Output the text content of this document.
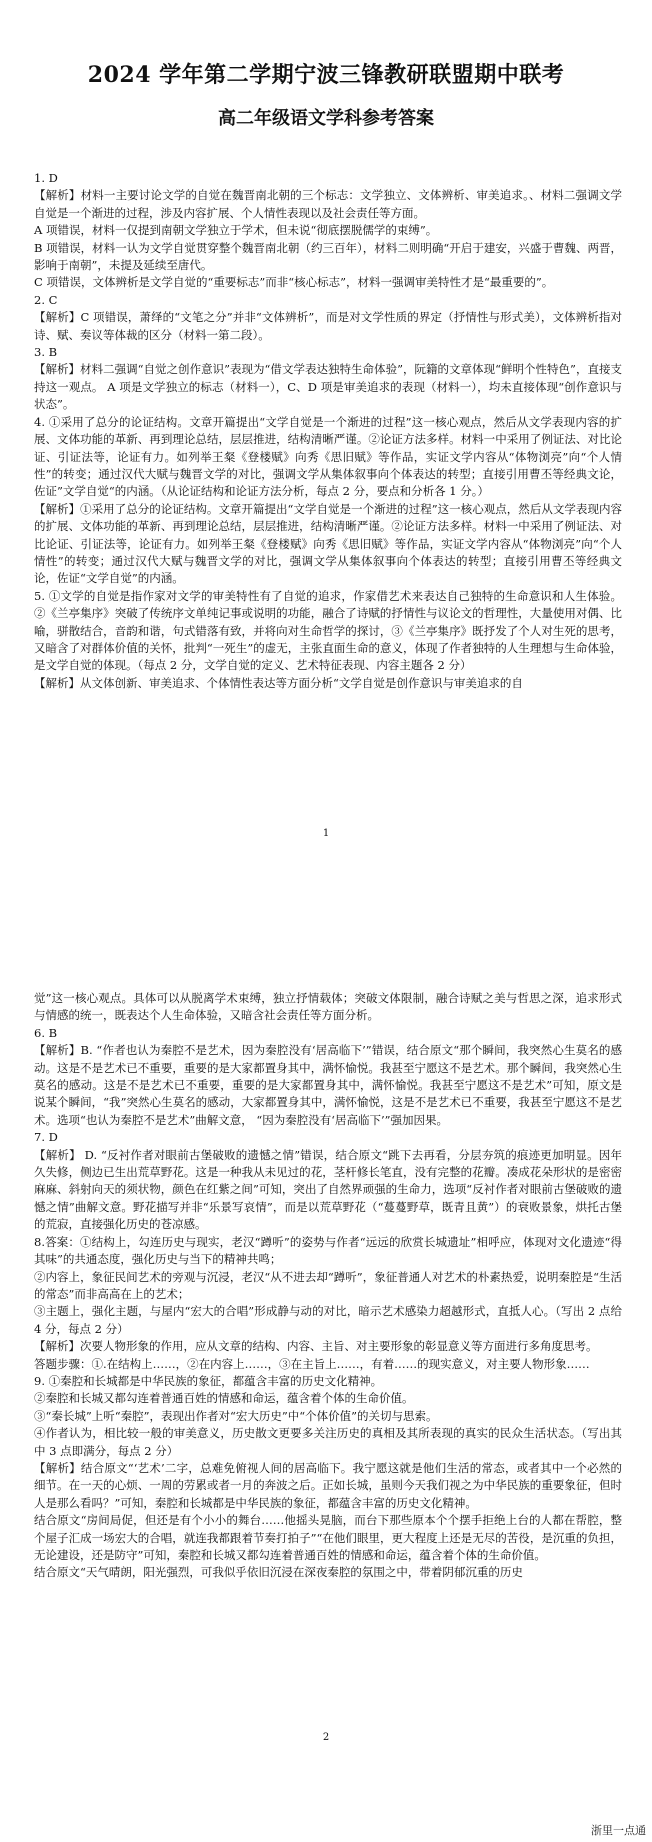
2024 学年第二学期宁波三锋教研联盟期中联考
高二年级语文学科参考答案

1. D

【解析】材料一主要讨论文学的自觉在魏晋南北朝的三个标志：文学独立、文体辨析、审美追求。、材料二强调文学自觉是一个渐进的过程，涉及内容扩展、个人情性表现以及社会责任等方面。

A 项错误，材料一仅提到南朝文学独立于学术，但未说“彻底摆脱儒学的束缚”。

B 项错误，材料一认为文学自觉贯穿整个魏晋南北朝（约三百年），材料二则明确“开启于建安，兴盛于曹魏、两晋，影响于南朝”，未提及延续至唐代。

C 项错误，文体辨析是文学自觉的“重要标志”而非“核心标志”，材料一强调审美特性才是“最重要的”。

2. C

【解析】C 项错误，萧绎的“文笔之分”并非“文体辨析”，而是对文学性质的界定（抒情性与形式美），文体辨析指对诗、赋、奏议等体裁的区分（材料一第二段）。

3. B

【解析】材料二强调“自觉之创作意识”表现为“借文学表达独特生命体验”，阮籍的文章体现“鲜明个性特色”，直接支持这一观点。 A 项是文学独立的标志（材料一），C、D 项是审美追求的表现（材料一），均未直接体现“创作意识与状态”。

4. ①采用了总分的论证结构。文章开篇提出“文学自觉是一个渐进的过程”这一核心观点，然后从文学表现内容的扩展、文体功能的革新、再到理论总结，层层推进，结构清晰严谨。②论证方法多样。材料一中采用了例证法、对比论证、引证法等，论证有力。如列举王粲《登楼赋》向秀《思旧赋》等作品，实证文学内容从“体物浏亮”向“个人情性”的转变；通过汉代大赋与魏晋文学的对比，强调文学从集体叙事向个体表达的转型；直接引用曹丕等经典文论，佐证”文学自觉“的内涵。（从论证结构和论证方法分析，每点 2 分，要点和分析各 1 分。）

【解析】①采用了总分的论证结构。文章开篇提出“文学自觉是一个渐进的过程”这一核心观点，然后从文学表现内容的扩展、文体功能的革新、再到理论总结，层层推进，结构清晰严谨。②论证方法多样。材料一中采用了例证法、对比论证、引证法等，论证有力。如列举王粲《登楼赋》向秀《思旧赋》等作品，实证文学内容从“体物浏亮”向“个人情性”的转变；通过汉代大赋与魏晋文学的对比，强调文学从集体叙事向个体表达的转型；直接引用曹丕等经典文论，佐证“文学自觉”的内涵。

5. ①文学的自觉是指作家对文学的审美特性有了自觉的追求，作家借艺术来表达自己独特的生命意识和人生体验。②《兰亭集序》突破了传统序文单纯记事或说明的功能，融合了诗赋的抒情性与议论文的哲理性，大量使用对偶、比喻，骈散结合，音韵和谐，句式错落有致，并将向对生命哲学的探讨，③《兰亭集序》既抒发了个人对生死的思考，又暗含了对群体价值的关怀，批判“一死生”的虚无，主张直面生命的意义，体现了作者独特的人生理想与生命体验，是文学自觉的体现。（每点 2 分，文学自觉的定义、艺术特征表现、内容主题各 2 分）

【解析】从文体创新、审美追求、个体情性表达等方面分析“文学自觉是创作意识与审美追求的自

1

觉”这一核心观点。具体可以从脱离学术束缚，独立抒情载体；突破文体限制，融合诗赋之美与哲思之深，追求形式与情感的统一，既表达个人生命体验，又暗含社会责任等方面分析。

6. B

【解析】B. “作者也认为秦腔不是艺术，因为秦腔没有‘居高临下’”错误，结合原文“那个瞬间，我突然心生莫名的感动。这是不是艺术已不重要，重要的是大家都置身其中，满怀愉悦。我甚至宁愿这不是艺术。那个瞬间，我突然心生莫名的感动。这是不是艺术已不重要，重要的是大家都置身其中，满怀愉悦。我甚至宁愿这不是艺术”可知，原文是说某个瞬间，“我”突然心生莫名的感动，大家都置身其中，满怀愉悦，这是不是艺术已不重要，我甚至宁愿这不是艺术。选项“也认为秦腔不是艺术”曲解文意， “因为秦腔没有‘居高临下’”强加因果。

7. D

【解析】 D. “反衬作者对眼前古堡破败的遗憾之情”错误，结合原文“跳下去再看，分层夯筑的痕迹更加明显。因年久失修，侧边已生出荒草野花。这是一种我从未见过的花，茎杆修长笔直，没有完整的花瓣。凑成花朵形状的是密密麻麻、斜射向天的须状物，颜色在红紫之间”可知，突出了自然界顽强的生命力，选项“反衬作者对眼前古堡破败的遗憾之情”曲解文意。野花描写并非“乐景写哀情”，而是以荒草野花（“蔓蔓野草，既青且黄”）的衰败景象，烘托古堡的荒寂，直接强化历史的苍凉感。

8.答案：①结构上，勾连历史与现实，老汉“蹲听”的姿势与作者“远远的欣赏长城遗址”相呼应，体现对文化遗迹“得其味”的共通态度，强化历史与当下的精神共鸣；

②内容上，象征民间艺术的旁观与沉浸，老汉“从不进去却“蹲听”，象征普通人对艺术的朴素热爱，说明秦腔是“生活的常态”而非高高在上的艺术；

③主题上，强化主题，与屋内“宏大的合唱”形成静与动的对比，暗示艺术感染力超越形式，直抵人心。（写出 2 点给 4 分，每点 2 分）

【解析】次要人物形象的作用，应从文章的结构、内容、主旨、对主要形象的彰显意义等方面进行多角度思考。

答题步骤：①.在结构上……，②在内容上……，③在主旨上……，有着……的现实意义，对主要人物形象……

9. ①秦腔和长城都是中华民族的象征，都蕴含丰富的历史文化精神。

②秦腔和长城又都勾连着普通百姓的情感和命运，蕴含着个体的生命价值。

③“秦长城”上听“秦腔”，表现出作者对“宏大历史”中“个体价值”的关切与思索。

④作者认为，相比较一般的审美意义，历史散文更要多关注历史的真相及其所表现的真实的民众生活状态。（写出其中 3 点即满分，每点 2 分）

【解析】结合原文“‘艺术’二字，总难免俯视人间的居高临下。我宁愿这就是他们生活的常态，或者其中一个必然的细节。在一天的心烦、一周的劳累或者一月的奔波之后。正如长城，虽则今天我们视之为中华民族的重要象征，但时人是那么看吗？”可知，秦腔和长城都是中华民族的象征，都蕴含丰富的历史文化精神。

结合原文“房间局促，但还是有个小小的舞台……他摇头晃脑，而台下那些原本个个摆手拒绝上台的人都在帮腔，整个屋子汇成一场宏大的合唱，就连我都跟着节奏打拍子”“在他们眼里，更大程度上还是无尽的苦役，是沉重的负担，无论建设，还是防守”可知，秦腔和长城又都勾连着普通百姓的情感和命运，蕴含着个体的生命价值。

结合原文“天气晴朗，阳光强烈，可我似乎依旧沉浸在深夜秦腔的氛围之中，带着阴郁沉重的历史

2
浙里一点通
